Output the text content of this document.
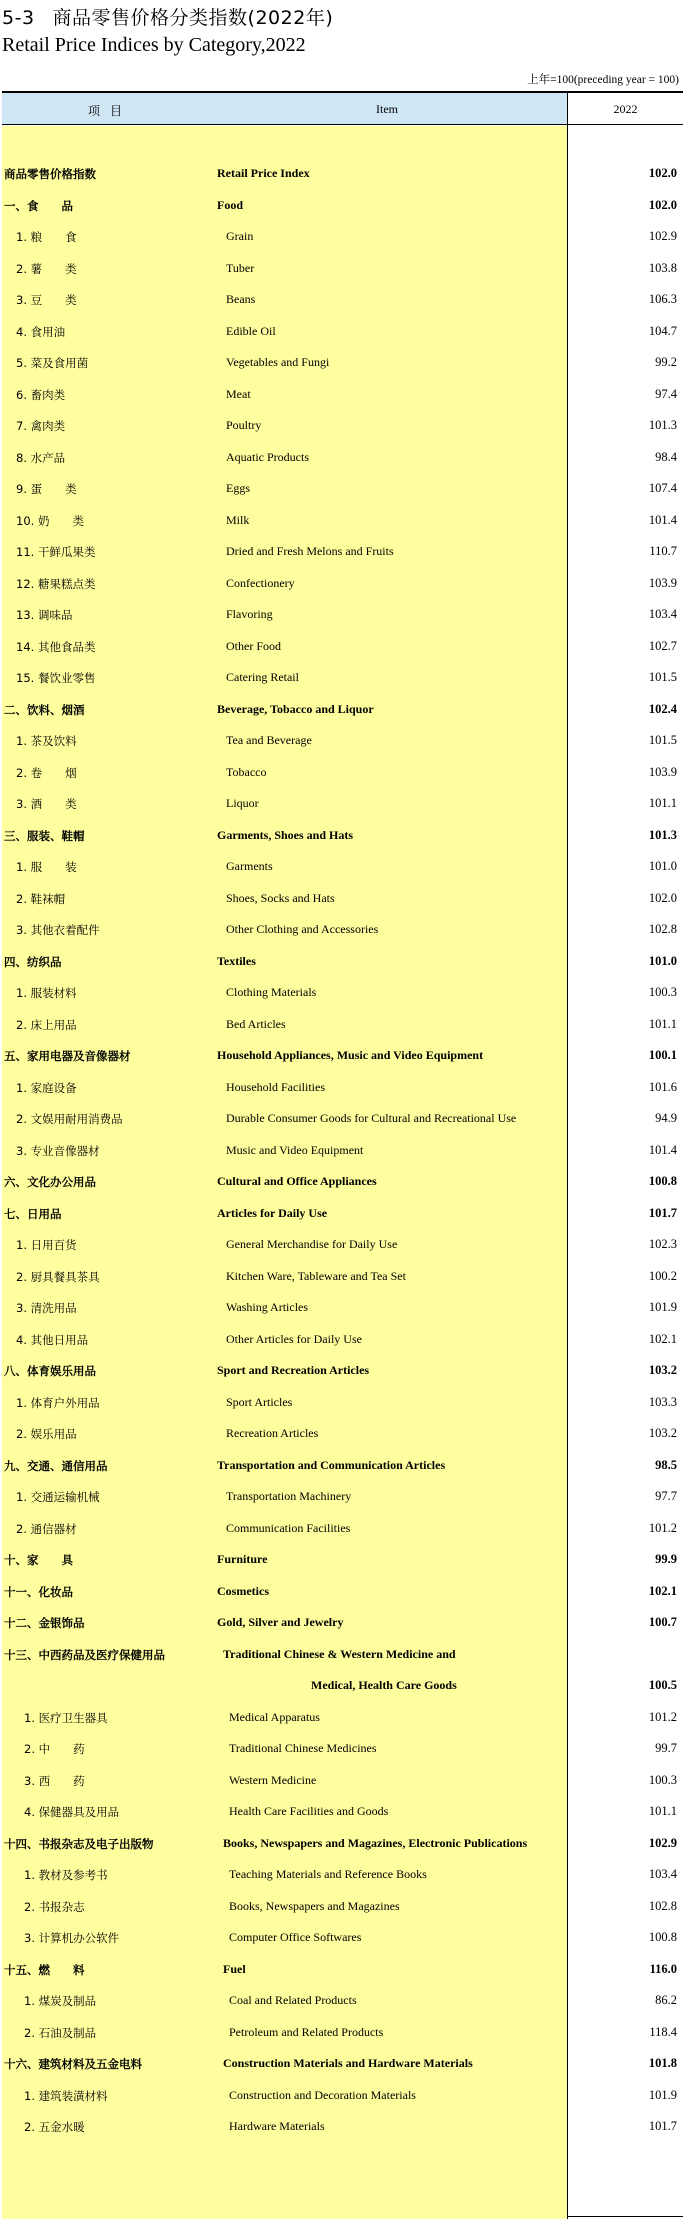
5-3 商品零售价格分类指数(2022年)
Retail Price Indices by Category,2022
上年=100(preceding year = 100)
项目	Item	2022
商品零售价格指数	Retail Price Index	102.0
一、食　　品	Food	102.0
1. 粮　　食	Grain	102.9
2. 薯　　类	Tuber	103.8
3. 豆　　类	Beans	106.3
4. 食用油	Edible Oil	104.7
5. 菜及食用菌	Vegetables and Fungi	99.2
6. 畜肉类	Meat	97.4
7. 禽肉类	Poultry	101.3
8. 水产品	Aquatic Products	98.4
9. 蛋　　类	Eggs	107.4
10. 奶　　类	Milk	101.4
11. 干鲜瓜果类	Dried and Fresh Melons and Fruits	110.7
12. 糖果糕点类	Confectionery	103.9
13. 调味品	Flavoring	103.4
14. 其他食品类	Other Food	102.7
15. 餐饮业零售	Catering Retail	101.5
二、饮料、烟酒	Beverage, Tobacco and Liquor	102.4
1. 茶及饮料	Tea and Beverage	101.5
2. 卷　　烟	Tobacco	103.9
3. 酒　　类	Liquor	101.1
三、服装、鞋帽	Garments, Shoes and Hats	101.3
1. 服　　装	Garments	101.0
2. 鞋袜帽	Shoes, Socks and Hats	102.0
3. 其他衣着配件	Other Clothing and Accessories	102.8
四、纺织品	Textiles	101.0
1. 服装材料	Clothing Materials	100.3
2. 床上用品	Bed Articles	101.1
五、家用电器及音像器材	Household Appliances, Music and Video Equipment	100.1
1. 家庭设备	Household Facilities	101.6
2. 文娱用耐用消费品	Durable Consumer Goods for Cultural and Recreational Use	94.9
3. 专业音像器材	Music and Video Equipment	101.4
六、文化办公用品	Cultural and Office Appliances	100.8
七、日用品	Articles for Daily Use	101.7
1. 日用百货	General Merchandise for Daily Use	102.3
2. 厨具餐具茶具	Kitchen Ware, Tableware and Tea Set	100.2
3. 清洗用品	Washing Articles	101.9
4. 其他日用品	Other Articles for Daily Use	102.1
八、体育娱乐用品	Sport and Recreation Articles	103.2
1. 体育户外用品	Sport Articles	103.3
2. 娱乐用品	Recreation Articles	103.2
九、交通、通信用品	Transportation and Communication Articles	98.5
1. 交通运输机械	Transportation Machinery	97.7
2. 通信器材	Communication Facilities	101.2
十、家　　具	Furniture	99.9
十一、化妆品	Cosmetics	102.1
十二、金银饰品	Gold, Silver and Jewelry	100.7
十三、中西药品及医疗保健用品	Traditional Chinese & Western Medicine and
Medical, Health Care Goods	100.5
1. 医疗卫生器具	Medical Apparatus	101.2
2. 中　　药	Traditional Chinese Medicines	99.7
3. 西　　药	Western Medicine	100.3
4. 保健器具及用品	Health Care Facilities and Goods	101.1
十四、书报杂志及电子出版物	Books, Newspapers and Magazines, Electronic Publications	102.9
1. 教材及参考书	Teaching Materials and Reference Books	103.4
2. 书报杂志	Books, Newspapers and Magazines	102.8
3. 计算机办公软件	Computer Office Softwares	100.8
十五、燃　　料	Fuel	116.0
1. 煤炭及制品	Coal and Related Products	86.2
2. 石油及制品	Petroleum and Related Products	118.4
十六、建筑材料及五金电料	Construction Materials and Hardware Materials	101.8
1. 建筑装潢材料	Construction and Decoration Materials	101.9
2. 五金水暖	Hardware Materials	101.7
